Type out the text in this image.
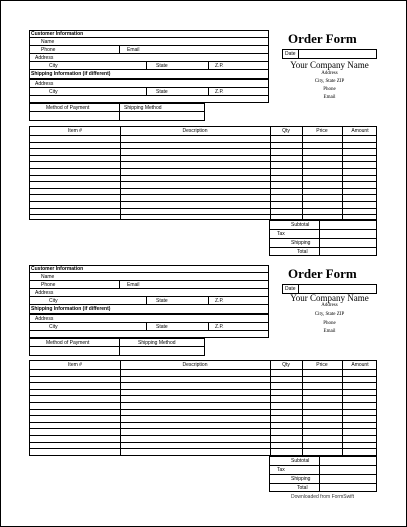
Customer Information
Name
Phone	Email
Address
City	State	Z.P.
Shipping Information (if different)
Address
City	State	Z.P.
Method of Payment	Shipping Method
Order Form
Date
Your Company Name
Address
City, State ZIP
Phone
Email
Item #	Description	Qty	Price	Amount
Subtotal
Tax
Shipping
Total
Customer Information
Name
Phone	Email
Address
City	State	Z.P.
Shipping Information (if different)
Address
City	State	Z.P.
Method of Payment	Shipping Method
Order Form
Date
Your Company Name
Address
City, State ZIP
Phone
Email
Item #	Description	Qty	Price	Amount
Subtotal
Tax
Shipping
Total
Downloaded from FormSwift
